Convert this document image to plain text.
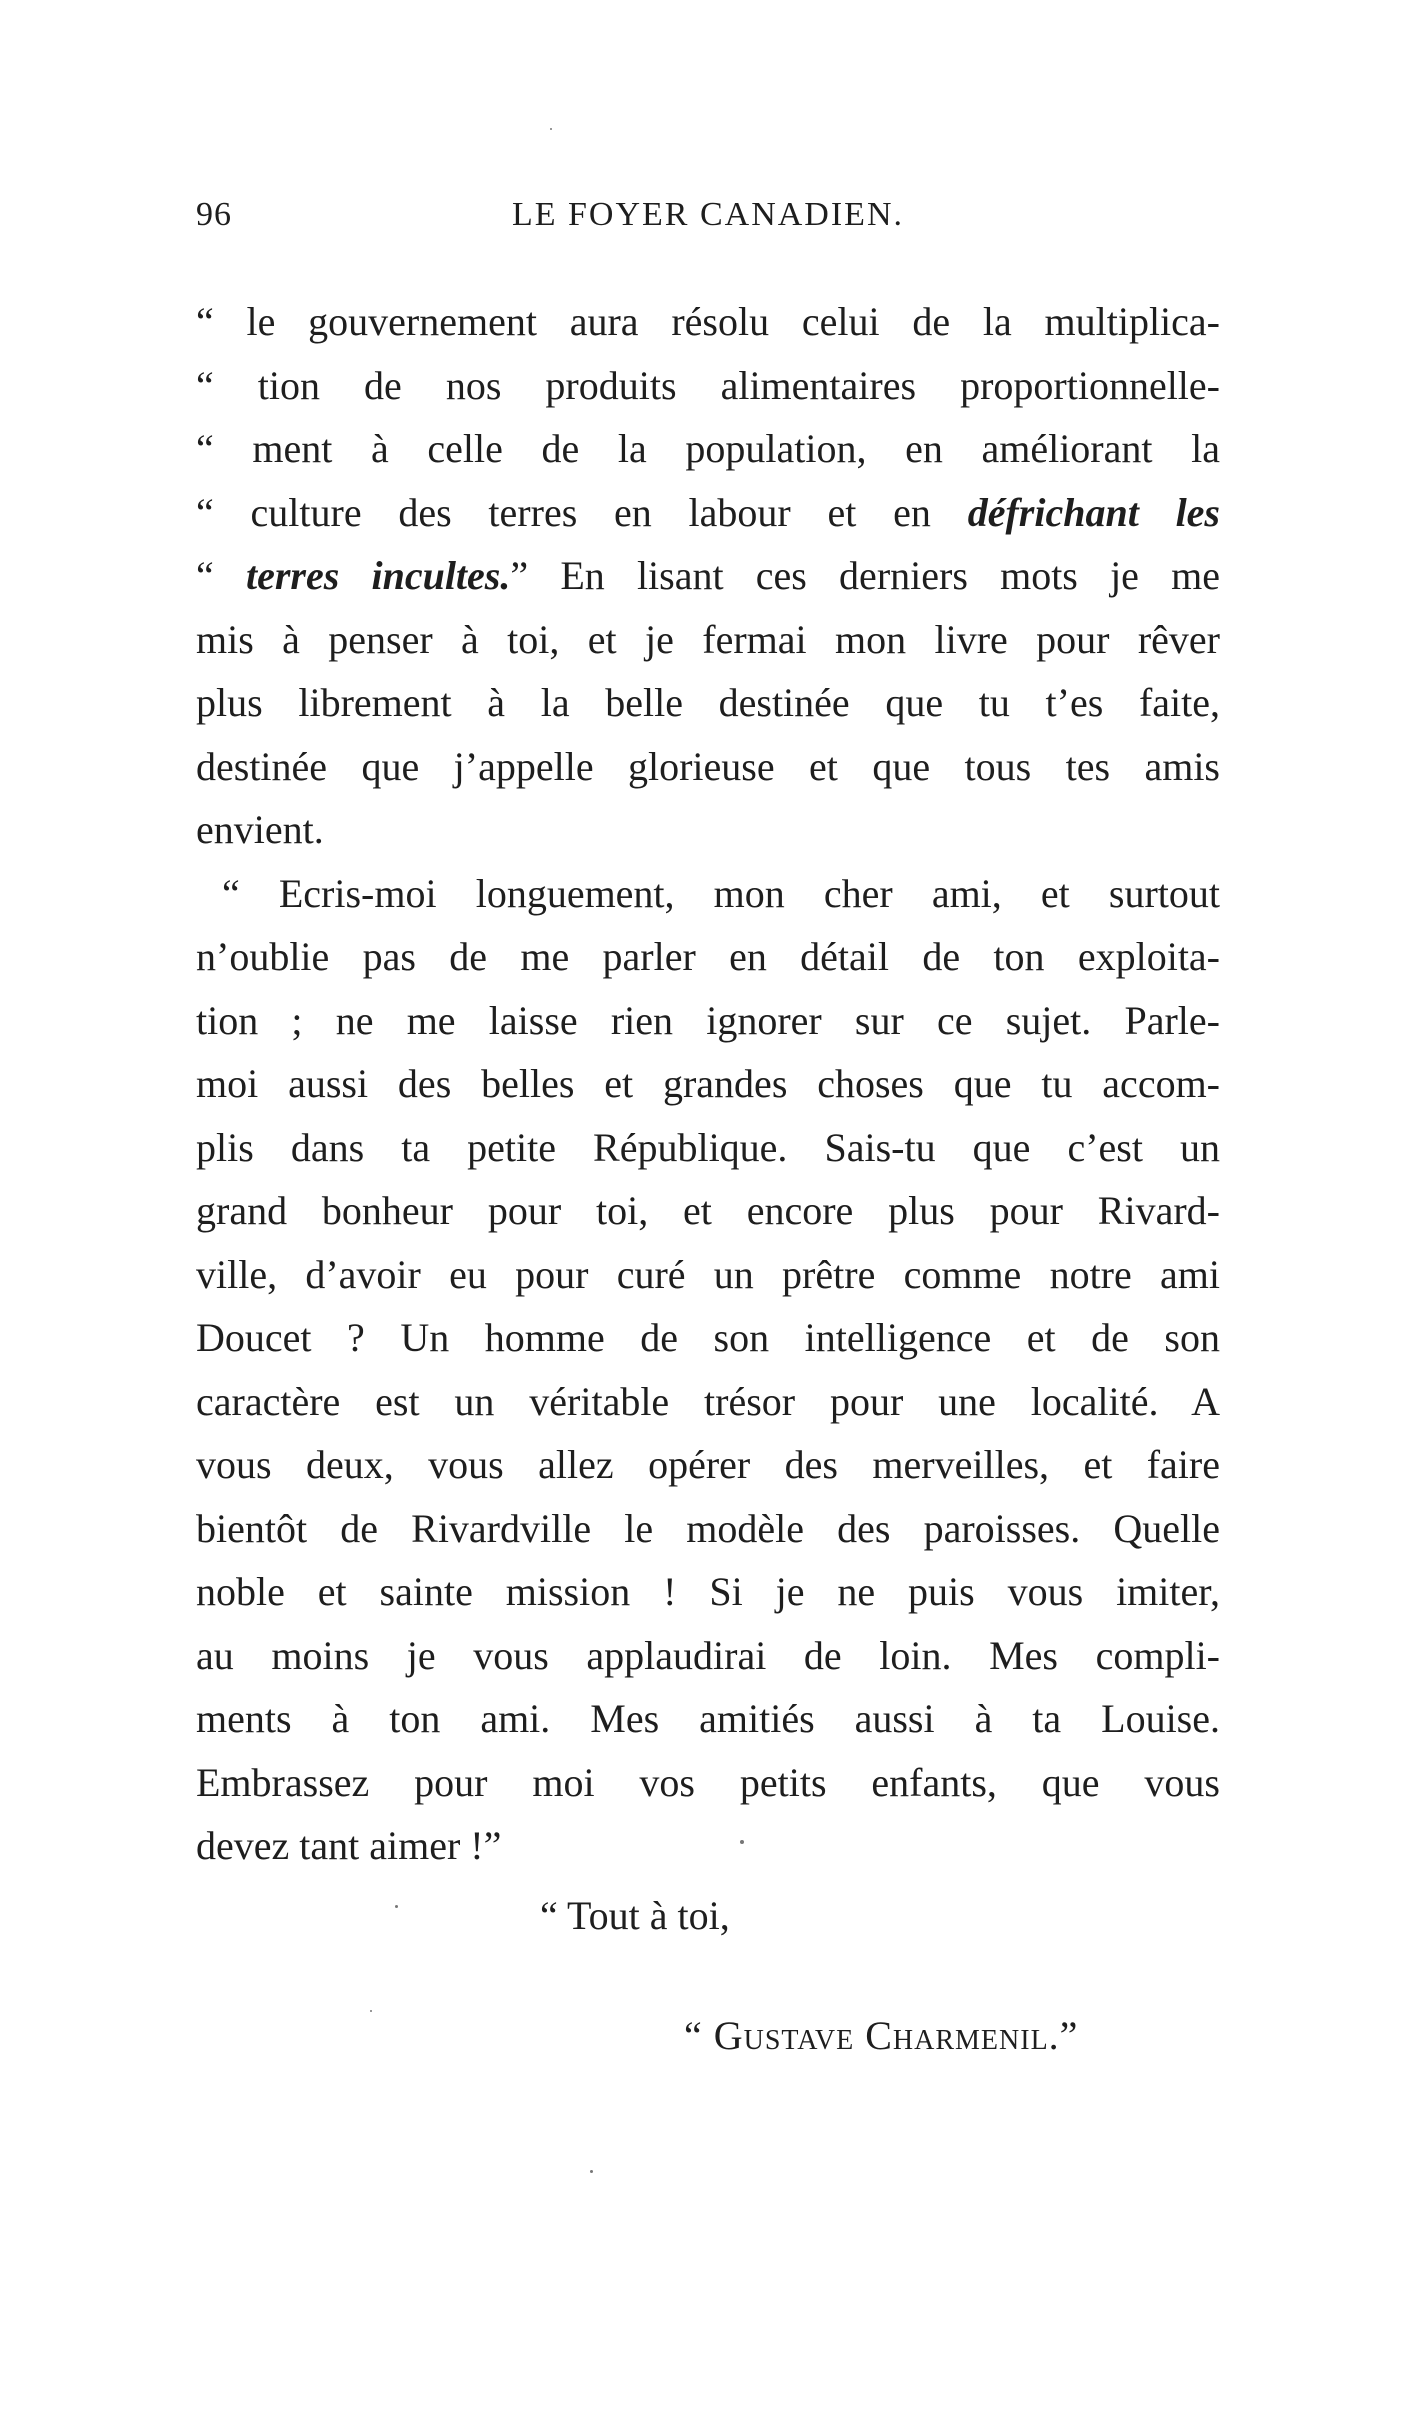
96	LE FOYER CANADIEN.
“ le gouvernement aura résolu celui de la multiplica-
“ tion de nos produits alimentaires proportionnelle-
“ ment à celle de la population, en améliorant la
“ culture des terres en labour et en défrichant les
“ terres incultes.” En lisant ces derniers mots je me
mis à penser à toi, et je fermai mon livre pour rêver
plus librement à la belle destinée que tu t’es faite,
destinée que j’appelle glorieuse et que tous tes amis
envient.
“ Ecris-moi longuement, mon cher ami, et surtout
n’oublie pas de me parler en détail de ton exploita-
tion ; ne me laisse rien ignorer sur ce sujet. Parle-
moi aussi des belles et grandes choses que tu accom-
plis dans ta petite République. Sais-tu que c’est un
grand bonheur pour toi, et encore plus pour Rivard-
ville, d’avoir eu pour curé un prêtre comme notre ami
Doucet ? Un homme de son intelligence et de son
caractère est un véritable trésor pour une localité. A
vous deux, vous allez opérer des merveilles, et faire
bientôt de Rivardville le modèle des paroisses. Quelle
noble et sainte mission ! Si je ne puis vous imiter,
au moins je vous applaudirai de loin. Mes compli-
ments à ton ami. Mes amitiés aussi à ta Louise.
Embrassez pour moi vos petits enfants, que vous
devez tant aimer !”
“ Tout à toi,
“ Gustave Charmenil.”
